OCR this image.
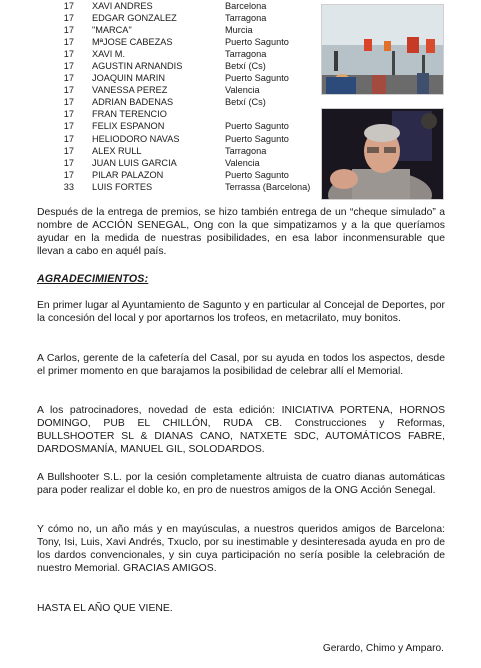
17	XAVI ANDRES	Barcelona
17	EDGAR GONZALEZ	Tarragona
17	"MARCA"	Murcia
17	MªJOSE CABEZAS	Puerto Sagunto
17	XAVI M.	Tarragona
17	AGUSTIN ARNANDIS	Betxí (Cs)
17	JOAQUIN MARIN	Puerto Sagunto
17	VANESSA PEREZ	Valencia
17	ADRIAN BADENAS	Betxí (Cs)
17	FRAN TERENCIO
17	FELIX ESPANON	Puerto Sagunto
17	HELIODORO NAVAS	Puerto Sagunto
17	ALEX RULL	Tarragona
17	JUAN LUIS GARCIA	Valencia
17	PILAR PALAZON	Puerto Sagunto
33	LUIS FORTES	Terrassa (Barcelona)
Después de la entrega de premios, se hizo también entrega de un “cheque simulado” a nombre de ACCIÓN SENEGAL, Ong con la que simpatizamos y a la que queríamos ayudar en la medida de nuestras posibilidades, en esa labor inconmensurable que llevan a cabo en aquél país.
AGRADECIMIENTOS:
En primer lugar al Ayuntamiento de Sagunto y en particular al Concejal de Deportes, por la concesión del local y por aportarnos los trofeos, en metacrilato, muy bonitos.
A Carlos, gerente de la cafetería del Casal, por su ayuda en todos los aspectos, desde el primer momento en que barajamos la posibilidad de celebrar allí el Memorial.
A los patrocinadores, novedad de esta edición: INICIATIVA PORTENA, HORNOS DOMINGO, PUB EL CHILLÓN, RUDA CB. Construcciones y Reformas, BULLSHOOTER SL & DIANAS CANO, NATXETE SDC, AUTOMÁTICOS FABRE, DARDOSMANÍA, MANUEL GIL, SOLODARDOS.
A Bullshooter S.L. por la cesión completamente altruista de cuatro dianas automáticas para poder realizar el doble ko, en pro de nuestros amigos de la ONG Acción Senegal.
Y cómo no, un año más y en mayúsculas, a nuestros queridos amigos de Barcelona: Tony, Isi, Luis, Xavi Andrés, Txuclo, por su inestimable y desinteresada ayuda en pro de los dardos convencionales, y sin cuya participación no sería posible la celebración de nuestro Memorial. GRACIAS AMIGOS.
HASTA EL AÑO QUE VIENE.
Gerardo, Chimo y Amparo.
